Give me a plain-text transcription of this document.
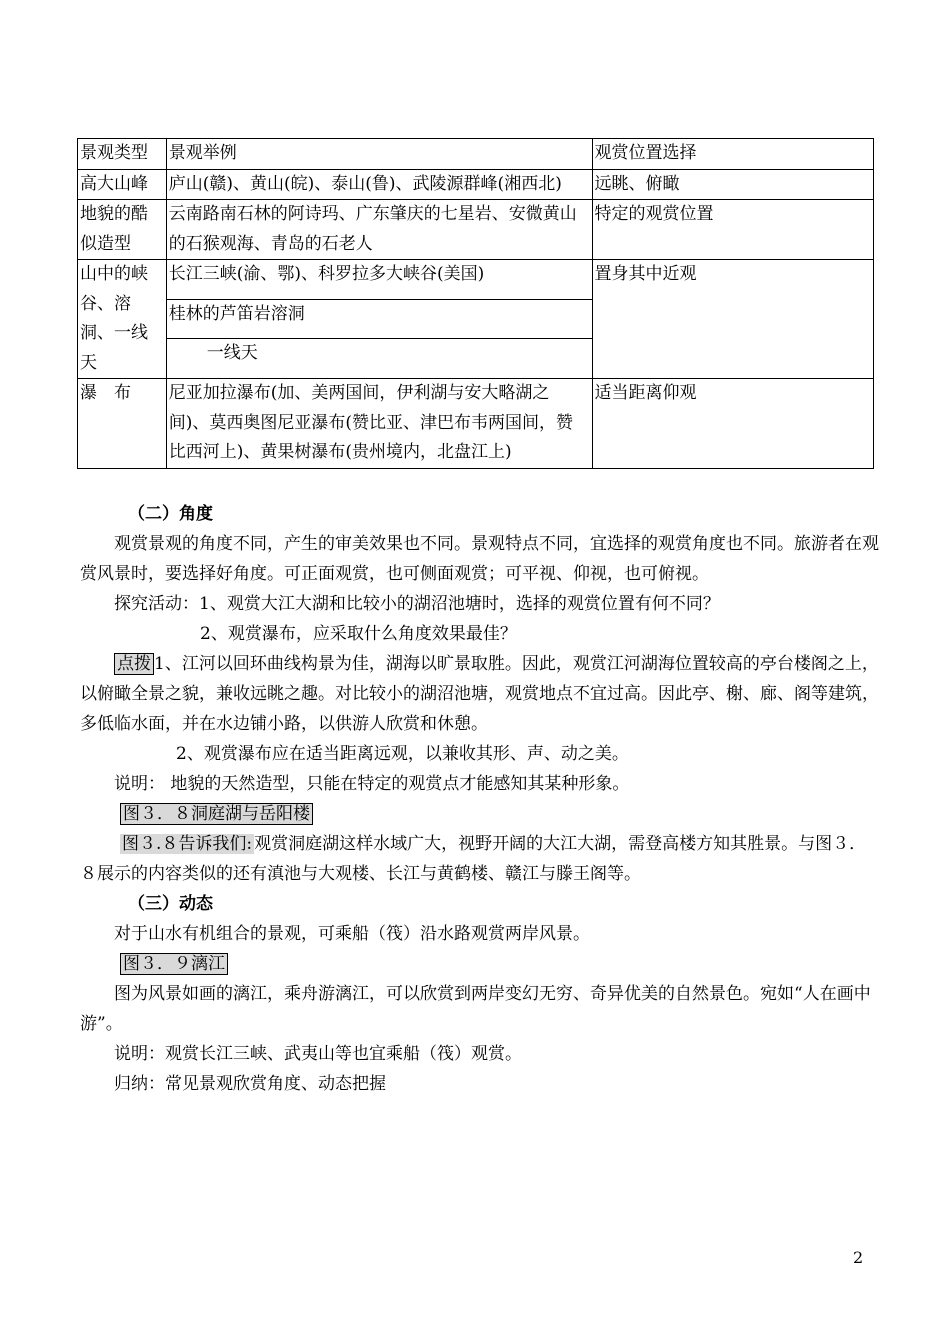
景观类型	景观举例	观赏位置选择
高大山峰	庐山(赣)、黄山(皖)、泰山(鲁)、武陵源群峰(湘西北)	远眺、俯瞰
地貌的酷似造型	云南路南石林的阿诗玛、广东肇庆的七星岩、安微黄山的石猴观海、青岛的石老人	特定的观赏位置
山中的峡谷、溶洞、一线天	长江三峡(渝、鄂)、科罗拉多大峡谷(美国)	置身其中近观
	桂林的芦笛岩溶洞	
	一线天	
瀑　布	尼亚加拉瀑布(加、美两国间，伊利湖与安大略湖之间)、莫西奥图尼亚瀑布(赞比亚、津巴布韦两国间，赞比西河上)、黄果树瀑布(贵州境内，北盘江上)	适当距离仰观

（二）角度

观赏景观的角度不同，产生的审美效果也不同。景观特点不同，宜选择的观赏角度也不同。旅游者在观赏风景时，要选择好角度。可正面观赏，也可侧面观赏；可平视、仰视，也可俯视。

探究活动：1、观赏大江大湖和比较小的湖沼池塘时，选择的观赏位置有何不同？

2、观赏瀑布，应采取什么角度效果最佳？

点拨 1、江河以回环曲线构景为佳，湖海以旷景取胜。因此，观赏江河湖海位置较高的亭台楼阁之上，以俯瞰全景之貌，兼收远眺之趣。对比较小的湖沼池塘，观赏地点不宜过高。因此亭、榭、廊、阁等建筑，多低临水面，并在水边铺小路，以供游人欣赏和休憩。

2、观赏瀑布应在适当距离远观，以兼收其形、声、动之美。

说明： 地貌的天然造型，只能在特定的观赏点才能感知其某种形象。

图３．８洞庭湖与岳阳楼

图３.８告诉我们: 观赏洞庭湖这样水域广大，视野开阔的大江大湖，需登高楼方知其胜景。与图３．８展示的内容类似的还有滇池与大观楼、长江与黄鹤楼、赣江与滕王阁等。

（三）动态

对于山水有机组合的景观，可乘船（筏）沿水路观赏两岸风景。

图３．９漓江

图为风景如画的漓江，乘舟游漓江，可以欣赏到两岸变幻无穷、奇异优美的自然景色。宛如“人在画中游”。

说明：观赏长江三峡、武夷山等也宜乘船（筏）观赏。

归纳：常见景观欣赏角度、动态把握

2
